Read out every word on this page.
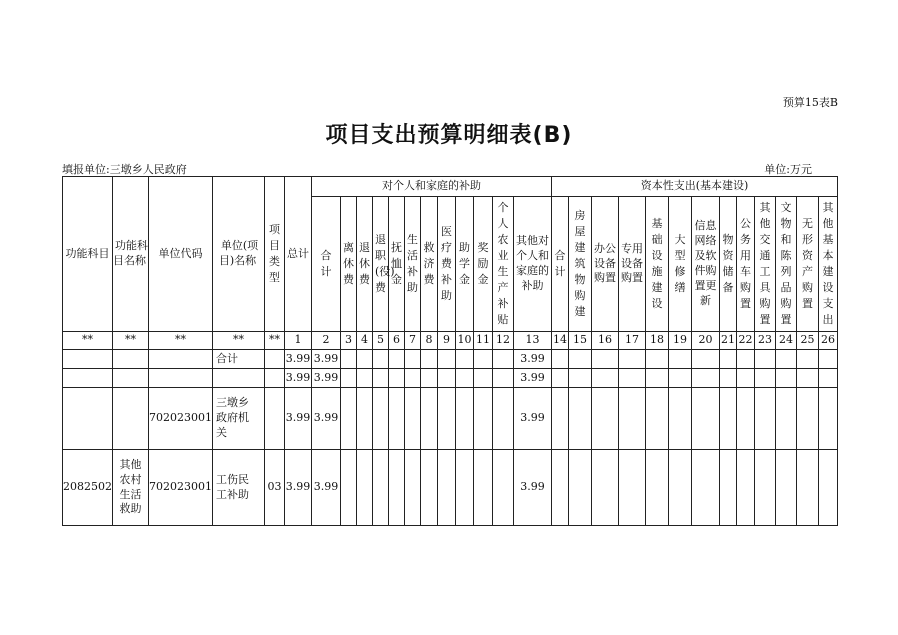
预算15表B
项目支出预算明细表(B)
填报单位:三墩乡人民政府	单位:万元
功能科目	功能科目名称	单位代码	单位(项目)名称	项目类型	总计	对个人和家庭的补助												资本性支出(基本建设)												
						合计	离休费	退休费	退职(役)费	抚恤金	生活补助	救济费	医疗费补助	助学金	奖励金	个人农业生产补贴	其他对个人和家庭的补助	合计	房屋建筑物购建	办公设备购置	专用设备购置	基础设施建设	大型修缮	信息网络及软件购置更新	物资储备	公务用车购置	其他交通工具购置	文物和陈列品购置	无形资产购置	其他基本建设支出
**	**	**	**	**	1	2	3	4	5	6	7	8	9	10	11	12	13	14	15	16	17	18	19	20	21	22	23	24	25	26
			合计		3.99	3.99											3.99													
					3.99	3.99											3.99													
		702023001	三墩乡政府机关		3.99	3.99											3.99													
2082502	其他农村生活救助	702023001	工伤民工补助	03	3.99	3.99											3.99													
